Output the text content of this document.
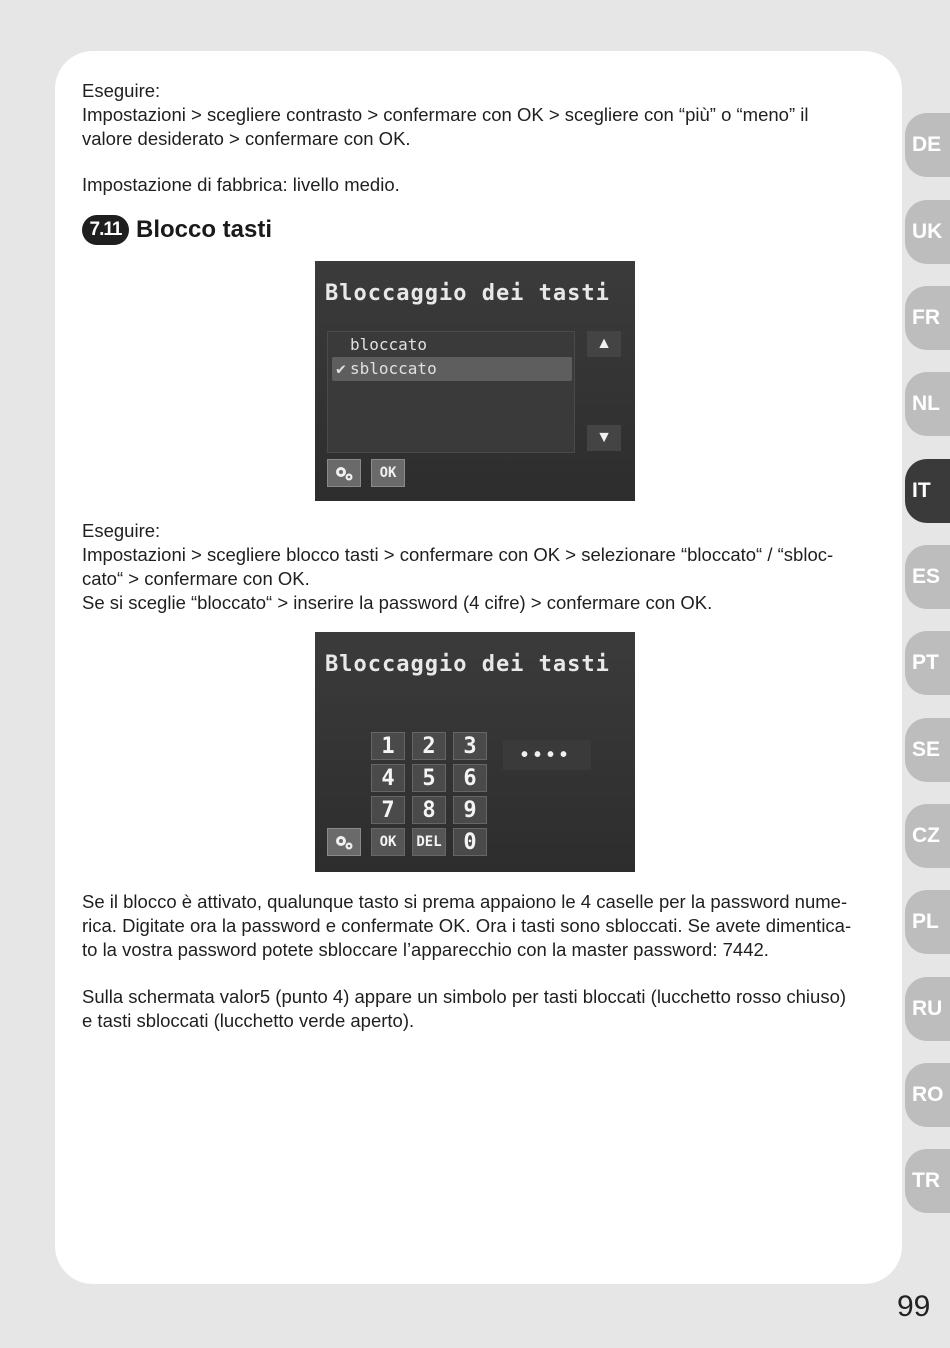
Eseguire:
Impostazioni > scegliere contrasto > confermare con OK > scegliere con “più” o “meno” il
valore desiderato > confermare con OK.

Impostazione di fabbrica: livello medio.

7.11 Blocco tasti
Bloccaggio dei tasti
bloccato
✔ sbloccato
▲
▼
OK

Eseguire:
Impostazioni > scegliere blocco tasti > confermare con OK > selezionare “bloccato“ / “sbloc-
cato“ > confermare con OK.
Se si sceglie “bloccato“ > inserire la password (4 cifre) > confermare con OK.

Bloccaggio dei tasti
1	2	3
4	5	6
7	8	9
OK	DEL 0
••••

Se il blocco è attivato, qualunque tasto si prema appaiono le 4 caselle per la password nume-
rica. Digitate ora la password e confermate OK. Ora i tasti sono sbloccati. Se avete dimentica-
to la vostra password potete sbloccare l’apparecchio con la master password: 7442.

Sulla schermata valor5 (punto 4) appare un simbolo per tasti bloccati (lucchetto rosso chiuso)
e tasti sbloccati (lucchetto verde aperto).

DE
UK
FR
NL
IT
ES
PT
SE
CZ
PL
RU
RO
TR
99
